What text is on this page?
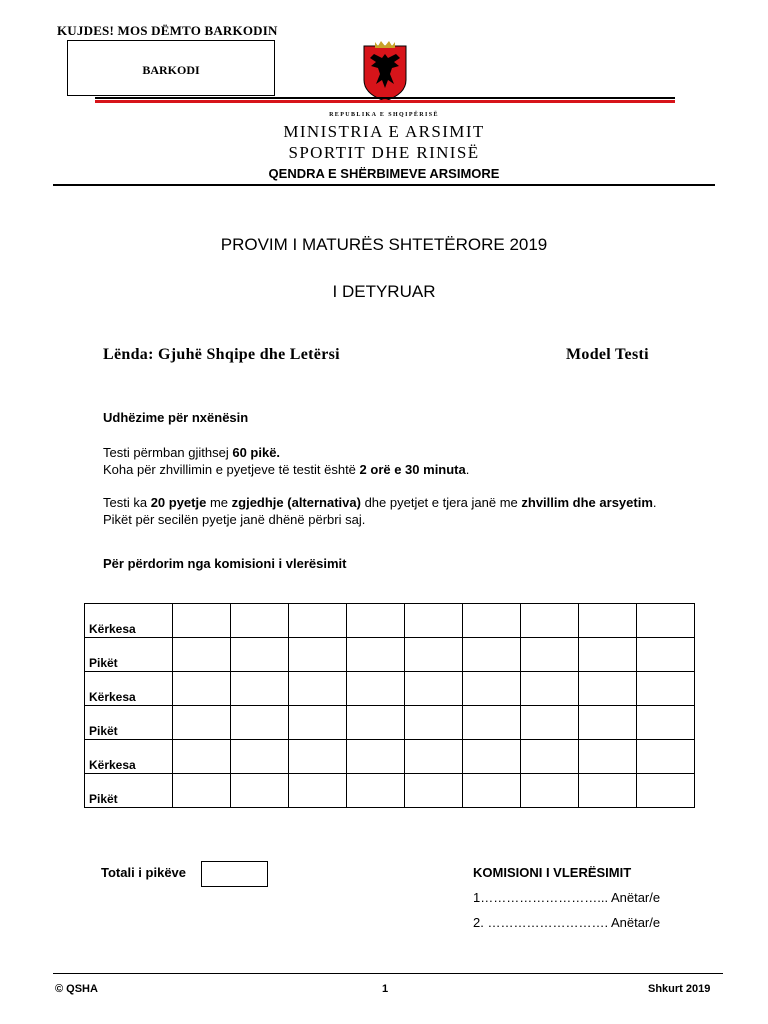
KUJDES! MOS DËMTO BARKODIN
BARKODI
REPUBLIKA E SHQIPËRISË
MINISTRIA E ARSIMIT
SPORTIT DHE RINISË
QENDRA E SHËRBIMEVE ARSIMORE
PROVIM I MATURËS SHTETËRORE 2019
I DETYRUAR
Lënda: Gjuhë Shqipe dhe Letërsi	Model Testi
Udhëzime për nxënësin
Testi përmban gjithsej 60 pikë.
Koha për zhvillimin e pyetjeve të testit është 2 orë e 30 minuta.
Testi ka 20 pyetje me zgjedhje (alternativa) dhe pyetjet e tjera janë me zhvillim dhe arsyetim.
Pikët për secilën pyetje janë dhënë përbri saj.
Për përdorim nga komisioni i vlerësimit
Kërkesa									
Pikët									
Kërkesa									
Pikët									
Kërkesa									
Pikët									
Totali i pikëve	KOMISIONI I VLERËSIMIT
1………………………... Anëtar/e
2. ………………………. Anëtar/e
© QSHA	1	Shkurt 2019
